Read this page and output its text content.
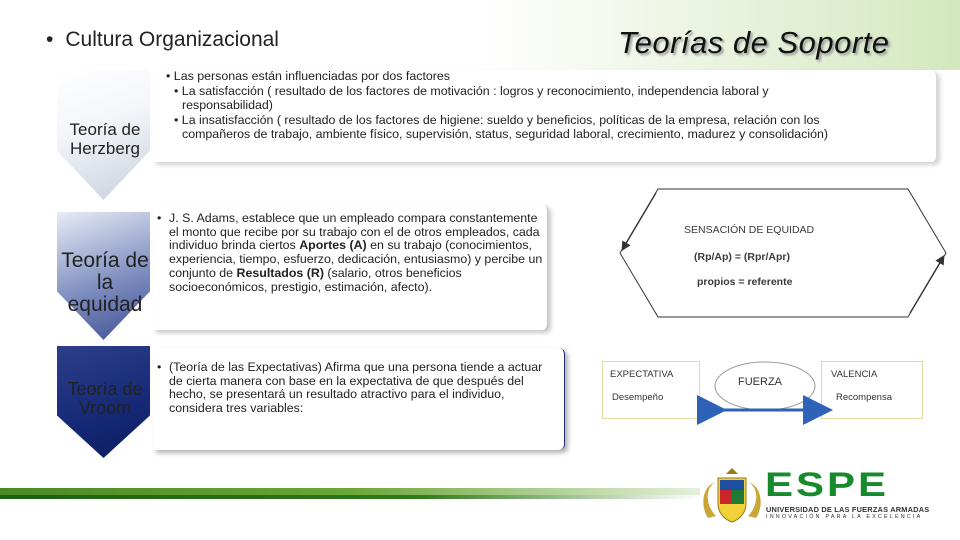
• Cultura Organizacional	Teorías de Soporte
Teoría de Herzberg
Teoría de la equidad
Teoría de Vroom
• Las personas están influenciadas por dos factores
• La satisfacción ( resultado de los factores de motivación : logros y reconocimiento, independencia laboral y
responsabilidad)
• La insatisfacción ( resultado de los factores de higiene: sueldo y beneficios, políticas de la empresa, relación con los
compañeros de trabajo, ambiente físico, supervisión, status, seguridad laboral, crecimiento, madurez y consolidación)
• J. S. Adams, establece que un empleado compara constantemente el monto que recibe por su trabajo con el de otros empleados, cada individuo brinda ciertos Aportes (A) en su trabajo (conocimientos, experiencia, tiempo, esfuerzo, dedicación, entusiasmo) y percibe un conjunto de Resultados (R) (salario, otros beneficios socioeconómicos, prestigio, estimación, afecto).
• (Teoría de las Expectativas) Afirma que una persona tiende a actuar de cierta manera con base en la expectativa de que después del hecho, se presentará un resultado atractivo para el individuo, considera tres variables:
SENSACIÓN DE EQUIDAD
(Rp/Ap) = (Rpr/Apr)
propios = referente
FUERZA
EXPECTATIVA
Desempeño
VALENCIA
Recompensa
ESPE
UNIVERSIDAD DE LAS FUERZAS ARMADAS
INNOVACIÓN PARA LA EXCELENCIA
